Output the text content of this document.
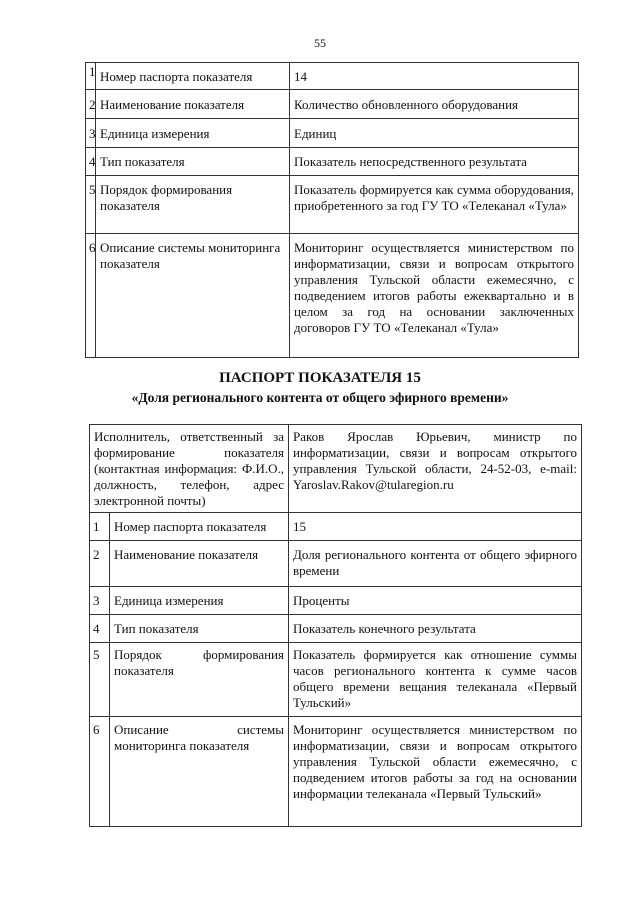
55
1	Номер паспорта показателя	14
2	Наименование показателя	Количество обновленного оборудования
3	Единица измерения	Единиц
4	Тип показателя	Показатель непосредственного результата
5	Порядок формирования показателя	Показатель формируется как сумма оборудования, приобретенного за год ГУ ТО «Телеканал «Тула»
6	Описание системы мониторинга показателя	Мониторинг осуществляется министерством по информатизации, связи и вопросам открытого управления Тульской области ежемесячно, с подведением итогов работы ежеквартально и в целом за год на основании заключенных договоров ГУ ТО «Телеканал «Тула»
ПАСПОРТ ПОКАЗАТЕЛЯ 15
«Доля регионального контента от общего эфирного времени»
Исполнитель, ответственный за формирование показателя (контактная информация: Ф.И.О., должность, телефон, адрес электронной почты)		Раков Ярослав Юрьевич, министр по информатизации, связи и вопросам открытого управления Тульской области, 24-52-03, e-mail: Yaroslav.Rakov@tularegion.ru
1	Номер паспорта показателя	15
2	Наименование показателя	Доля регионального контента от общего эфирного времени
3	Единица измерения	Проценты
4	Тип показателя	Показатель конечного результата
5	Порядок формирования показателя	Показатель формируется как отношение суммы часов регионального контента к сумме часов общего времени вещания телеканала «Первый Тульский»
6	Описание системы мониторинга показателя	Мониторинг осуществляется министерством по информатизации, связи и вопросам открытого управления Тульской области ежемесячно, с подведением итогов работы за год на основании информации телеканала «Первый Тульский»
